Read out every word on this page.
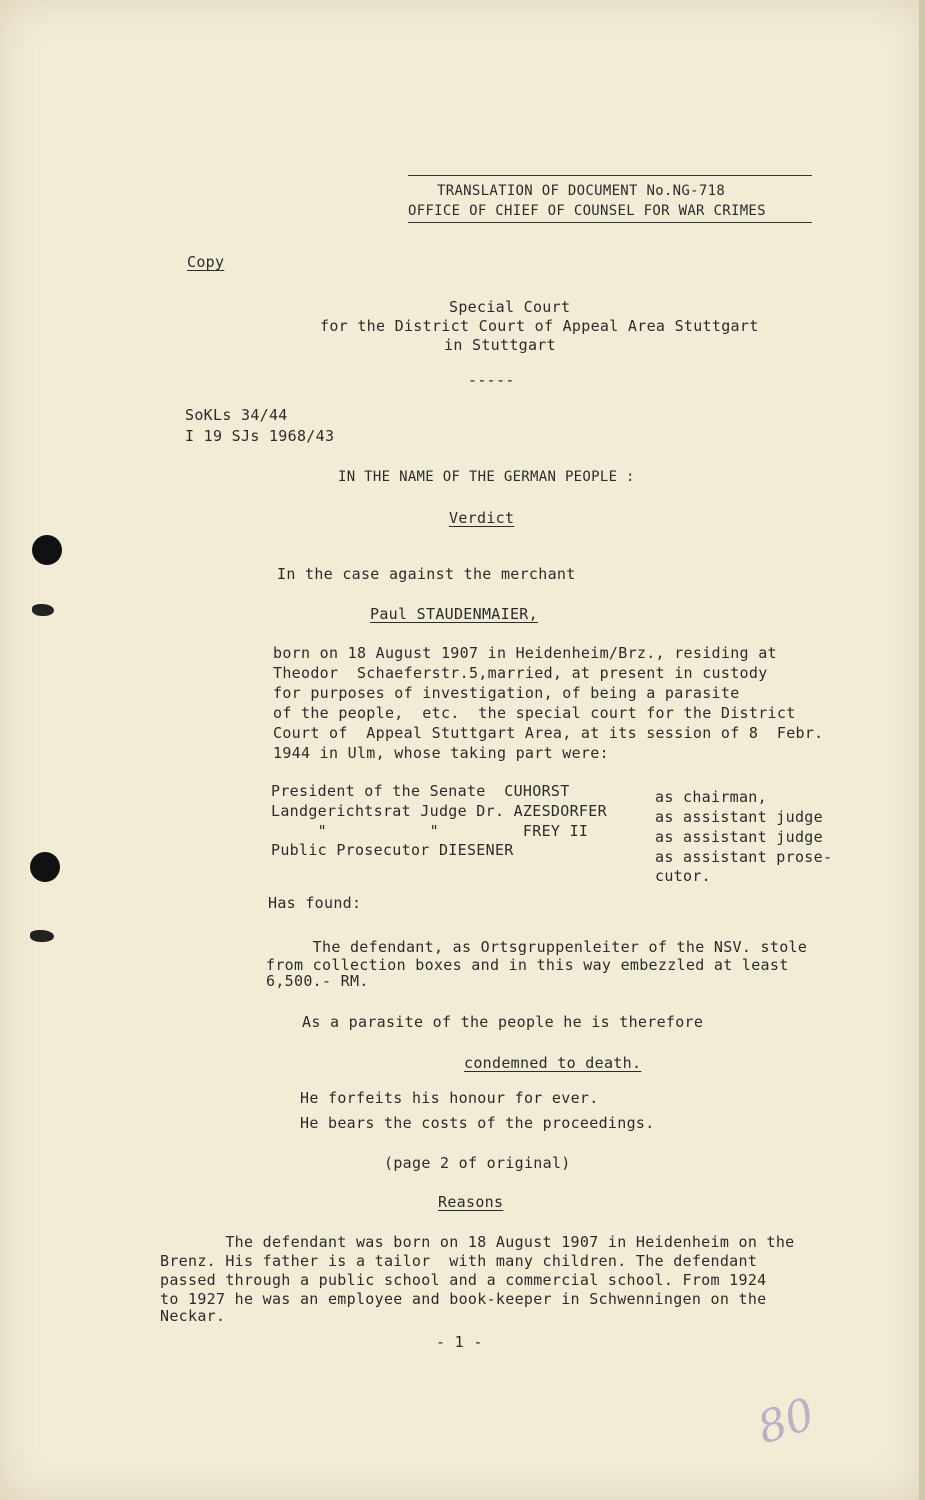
TRANSLATION OF DOCUMENT No.NG-718
OFFICE OF CHIEF OF COUNSEL FOR WAR CRIMES
Copy
Special Court
for the District Court of Appeal Area Stuttgart
in Stuttgart
-----
SoKLs 34/44
I 19 SJs 1968/43
IN THE NAME OF THE GERMAN PEOPLE :
Verdict
In the case against the merchant
Paul STAUDENMAIER,
born on 18 August 1907 in Heidenheim/Brz., residing at
Theodor  Schaeferstr.5,married, at present in custody
for purposes of investigation, of being a parasite
of the people,  etc.  the special court for the District
Court of  Appeal Stuttgart Area, at its session of 8  Febr.
1944 in Ulm, whose taking part were:
President of the Senate  CUHORST
Landgerichtsrat Judge Dr. AZESDORFER
"           "         FREY II
Public Prosecutor DIESENER
as chairman,
as assistant judge
as assistant judge
as assistant prose-
cutor.
Has found:
The defendant, as Ortsgruppenleiter of the NSV. stole
from collection boxes and in this way embezzled at least
6,500.- RM.
As a parasite of the people he is therefore
condemned to death.
He forfeits his honour for ever.
He bears the costs of the proceedings.
(page 2 of original)
Reasons
The defendant was born on 18 August 1907 in Heidenheim on the
Brenz. His father is a tailor  with many children. The defendant
passed through a public school and a commercial school. From 1924
to 1927 he was an employee and book-keeper in Schwenningen on the
Neckar.
- 1 -
80
